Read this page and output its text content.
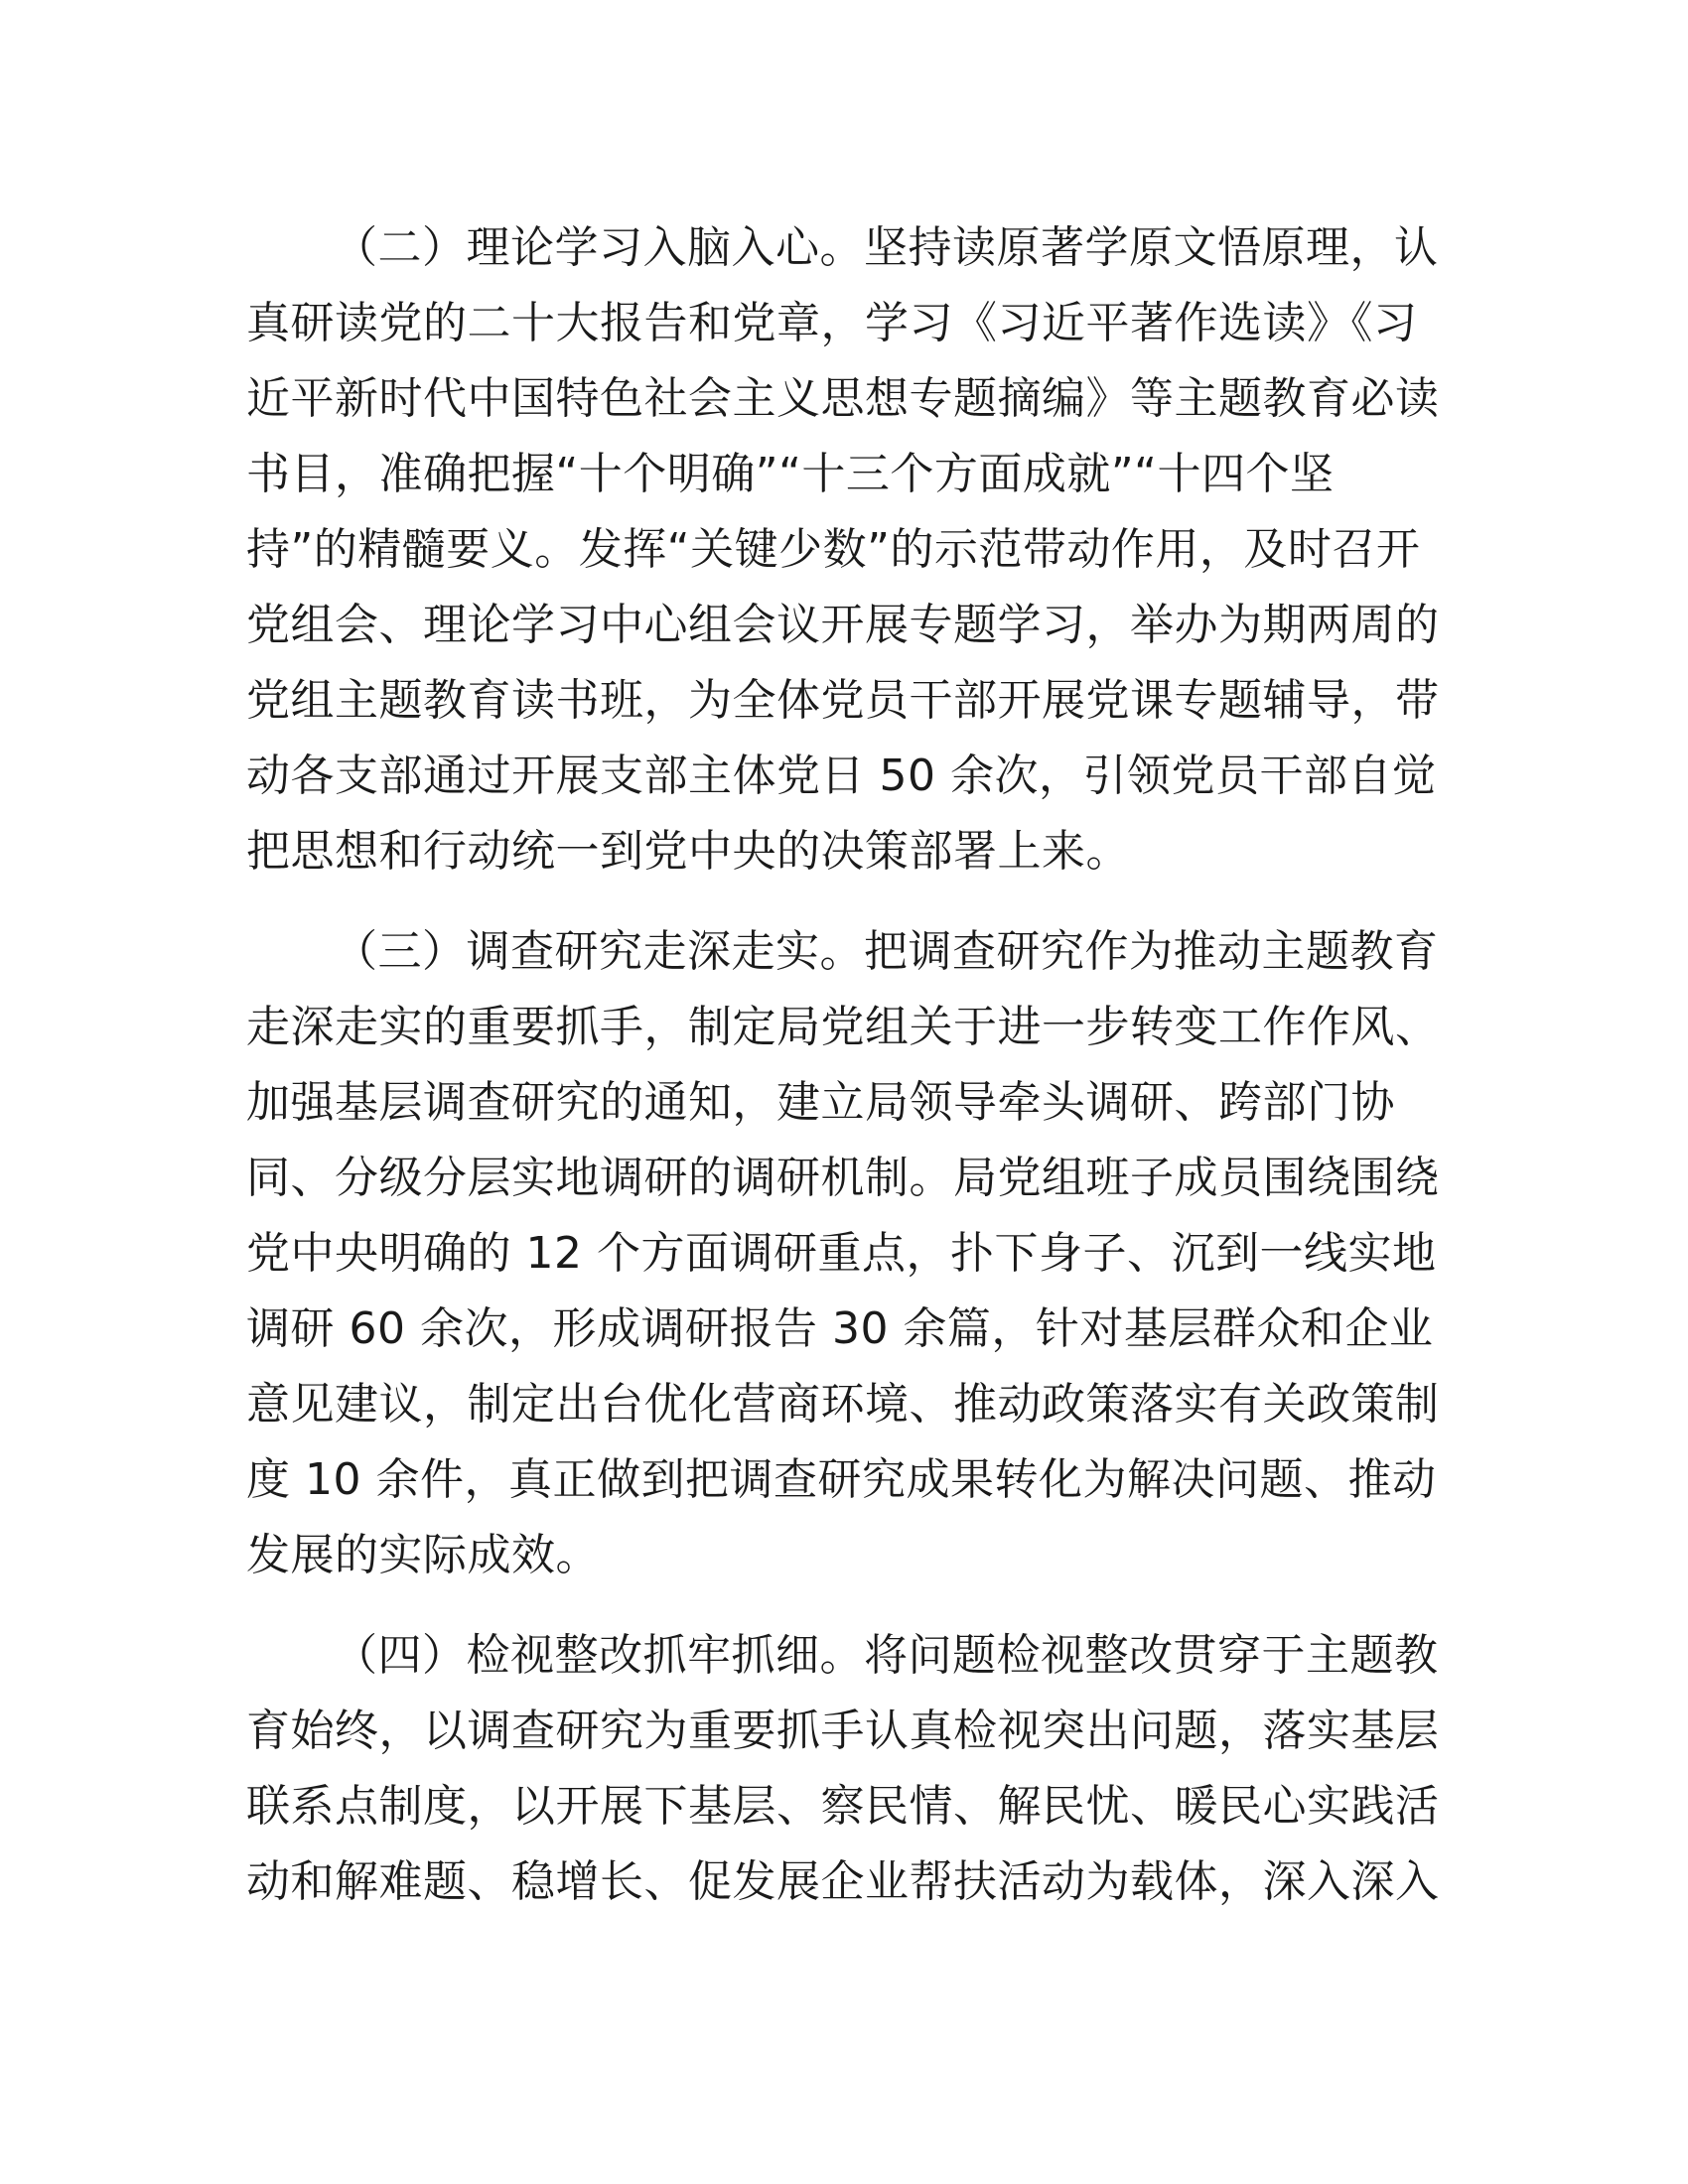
（二）理论学习入脑入心。坚持读原著学原文悟原理，认
真研读党的二十大报告和党章，学习《习近平著作选读》《习
近平新时代中国特色社会主义思想专题摘编》等主题教育必读
书目，准确把握“十个明确”“十三个方面成就”“十四个坚
持”的精髓要义。发挥“关键少数”的示范带动作用，及时召开
党组会、理论学习中心组会议开展专题学习，举办为期两周的
党组主题教育读书班，为全体党员干部开展党课专题辅导，带
动各支部通过开展支部主体党日 50 余次，引领党员干部自觉
把思想和行动统一到党中央的决策部署上来。

（三）调查研究走深走实。把调查研究作为推动主题教育
走深走实的重要抓手，制定局党组关于进一步转变工作作风、
加强基层调查研究的通知，建立局领导牵头调研、跨部门协
同、分级分层实地调研的调研机制。局党组班子成员围绕围绕
党中央明确的 12 个方面调研重点，扑下身子、沉到一线实地
调研 60 余次，形成调研报告 30 余篇，针对基层群众和企业
意见建议，制定出台优化营商环境、推动政策落实有关政策制
度 10 余件，真正做到把调查研究成果转化为解决问题、推动
发展的实际成效。

（四）检视整改抓牢抓细。将问题检视整改贯穿于主题教
育始终，以调查研究为重要抓手认真检视突出问题，落实基层
联系点制度，以开展下基层、察民情、解民忧、暖民心实践活
动和解难题、稳增长、促发展企业帮扶活动为载体，深入深入
